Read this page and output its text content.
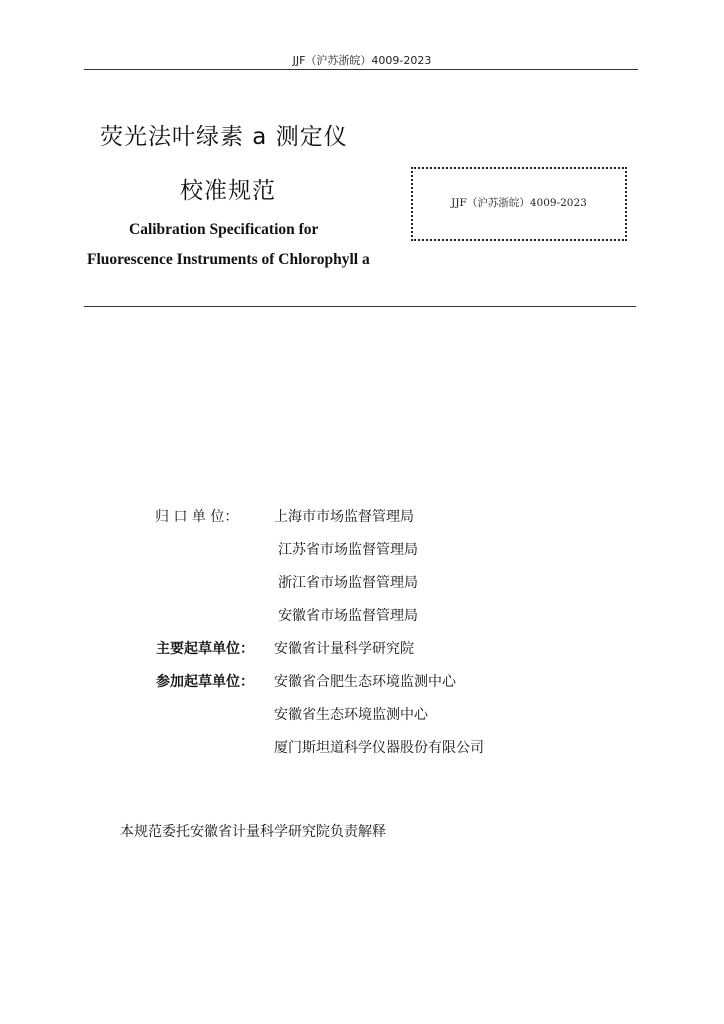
JJF（沪苏浙皖）4009-2023
荧光法叶绿素 a 测定仪
校准规范
Calibration Specification for
Fluorescence Instruments of Chlorophyll a
JJF（沪苏浙皖）4009-2023
归 口 单 位：	上海市市场监督管理局
江苏省市场监督管理局
浙江省市场监督管理局
安徽省市场监督管理局
主要起草单位： 安徽省计量科学研究院
参加起草单位： 安徽省合肥生态环境监测中心
安徽省生态环境监测中心
厦门斯坦道科学仪器股份有限公司
本规范委托安徽省计量科学研究院负责解释
